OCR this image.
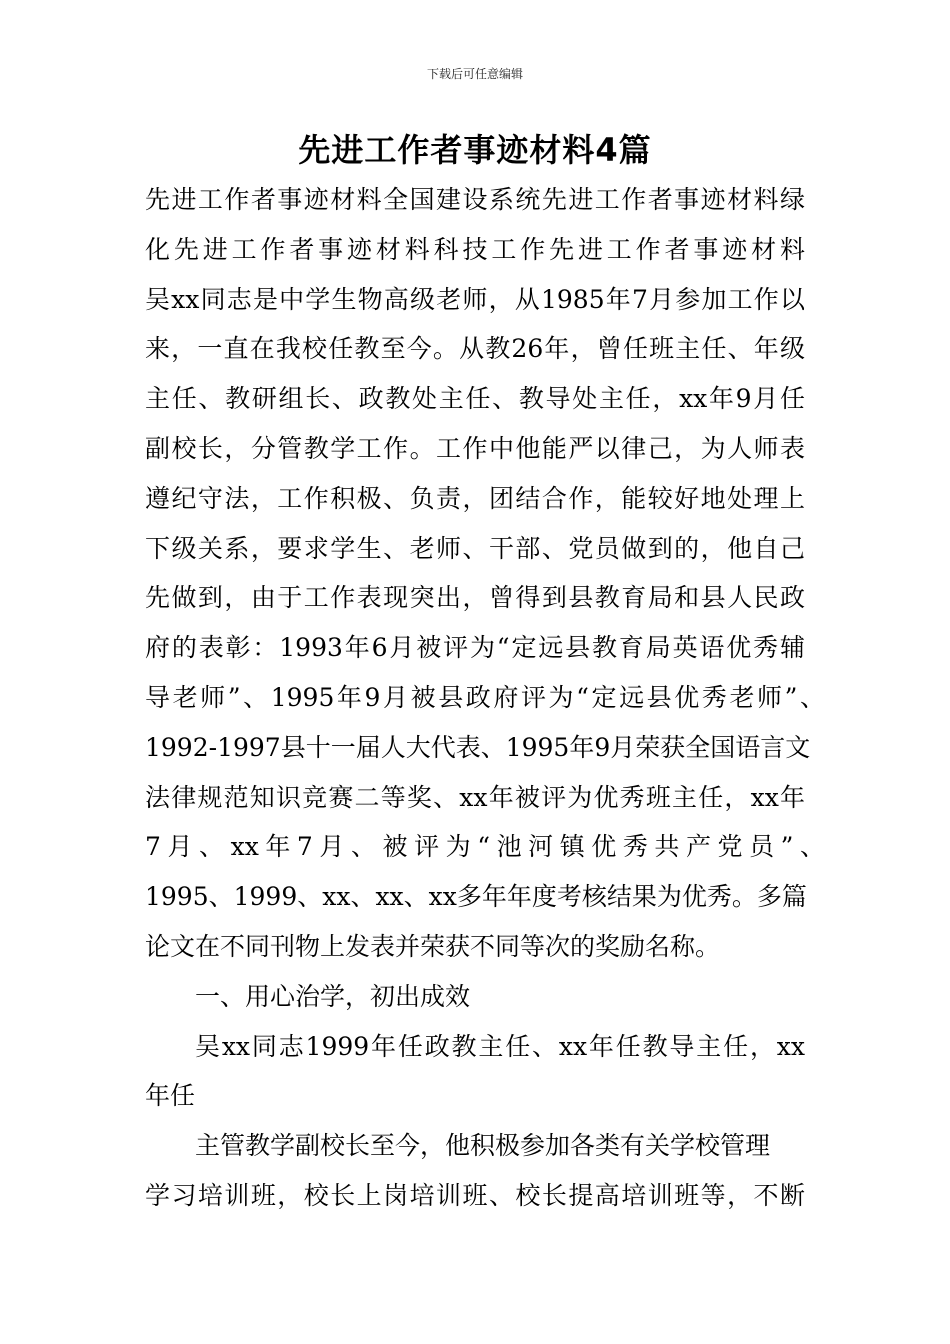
下载后可任意编辑
先进工作者事迹材料4篇
先进工作者事迹材料全国建设系统先进工作者事迹材料绿
化先进工作者事迹材料科技工作先进工作者事迹材料
吴xx同志是中学生物高级老师，从1985年7月参加工作以
来，一直在我校任教至今。从教26年，曾任班主任、年级
主任、教研组长、政教处主任、教导处主任，xx年9月任
副校长，分管教学工作。工作中他能严以律己，为人师表
遵纪守法，工作积极、负责，团结合作，能较好地处理上
下级关系，要求学生、老师、干部、党员做到的，他自己
先做到，由于工作表现突出，曾得到县教育局和县人民政
府的表彰：1993年6月被评为“定远县教育局英语优秀辅
导老师”、1995年9月被县政府评为“定远县优秀老师”、
1992-1997县十一届人大代表、1995年9月荣获全国语言文
法律规范知识竞赛二等奖、xx年被评为优秀班主任，xx年
7月、xx年7月、被评为“池河镇优秀共产党员”、
1995、1999、xx、xx、xx多年年度考核结果为优秀。多篇
论文在不同刊物上发表并荣获不同等次的奖励名称。
一、用心治学，初出成效
吴xx同志1999年任政教主任、xx年任教导主任，xx
年任
主管教学副校长至今，他积极参加各类有关学校管理
学习培训班，校长上岗培训班、校长提高培训班等，不断
